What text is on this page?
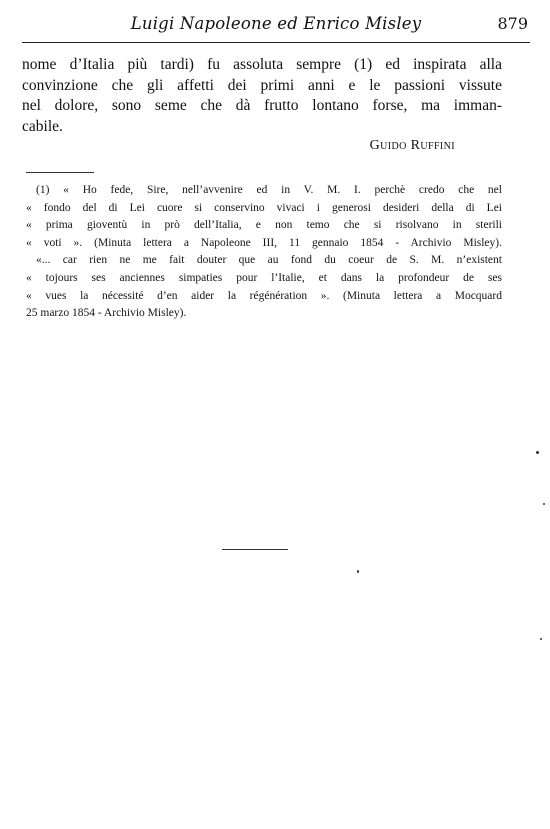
Luigi Napoleone ed Enrico Misley	879
nome d’Italia più tardi) fu assoluta sempre (1) ed inspirata alla
convinzione che gli affetti dei primi anni e le passioni vissute
nel dolore, sono seme che dà frutto lontano forse, ma imman-
cabile.
Guido Ruffini
(1) « Ho fede, Sire, nell’avvenire ed in V. M. I. perchè credo che nel
« fondo del di Lei cuore si conservino vivaci i generosi desideri della di Lei
« prima gioventù in prò dell’Italia, e non temo che si risolvano in sterili
« voti ». (Minuta lettera a Napoleone III, 11 gennaio 1854 - Archivio Misley).
«... car rien ne me fait douter que au fond du coeur de S. M. n’existent
« tojours ses anciennes simpaties pour l’Italie, et dans la profondeur de ses
« vues la nécessité d’en aider la régénération ». (Minuta lettera a Mocquard
25 marzo 1854 - Archivio Misley).
